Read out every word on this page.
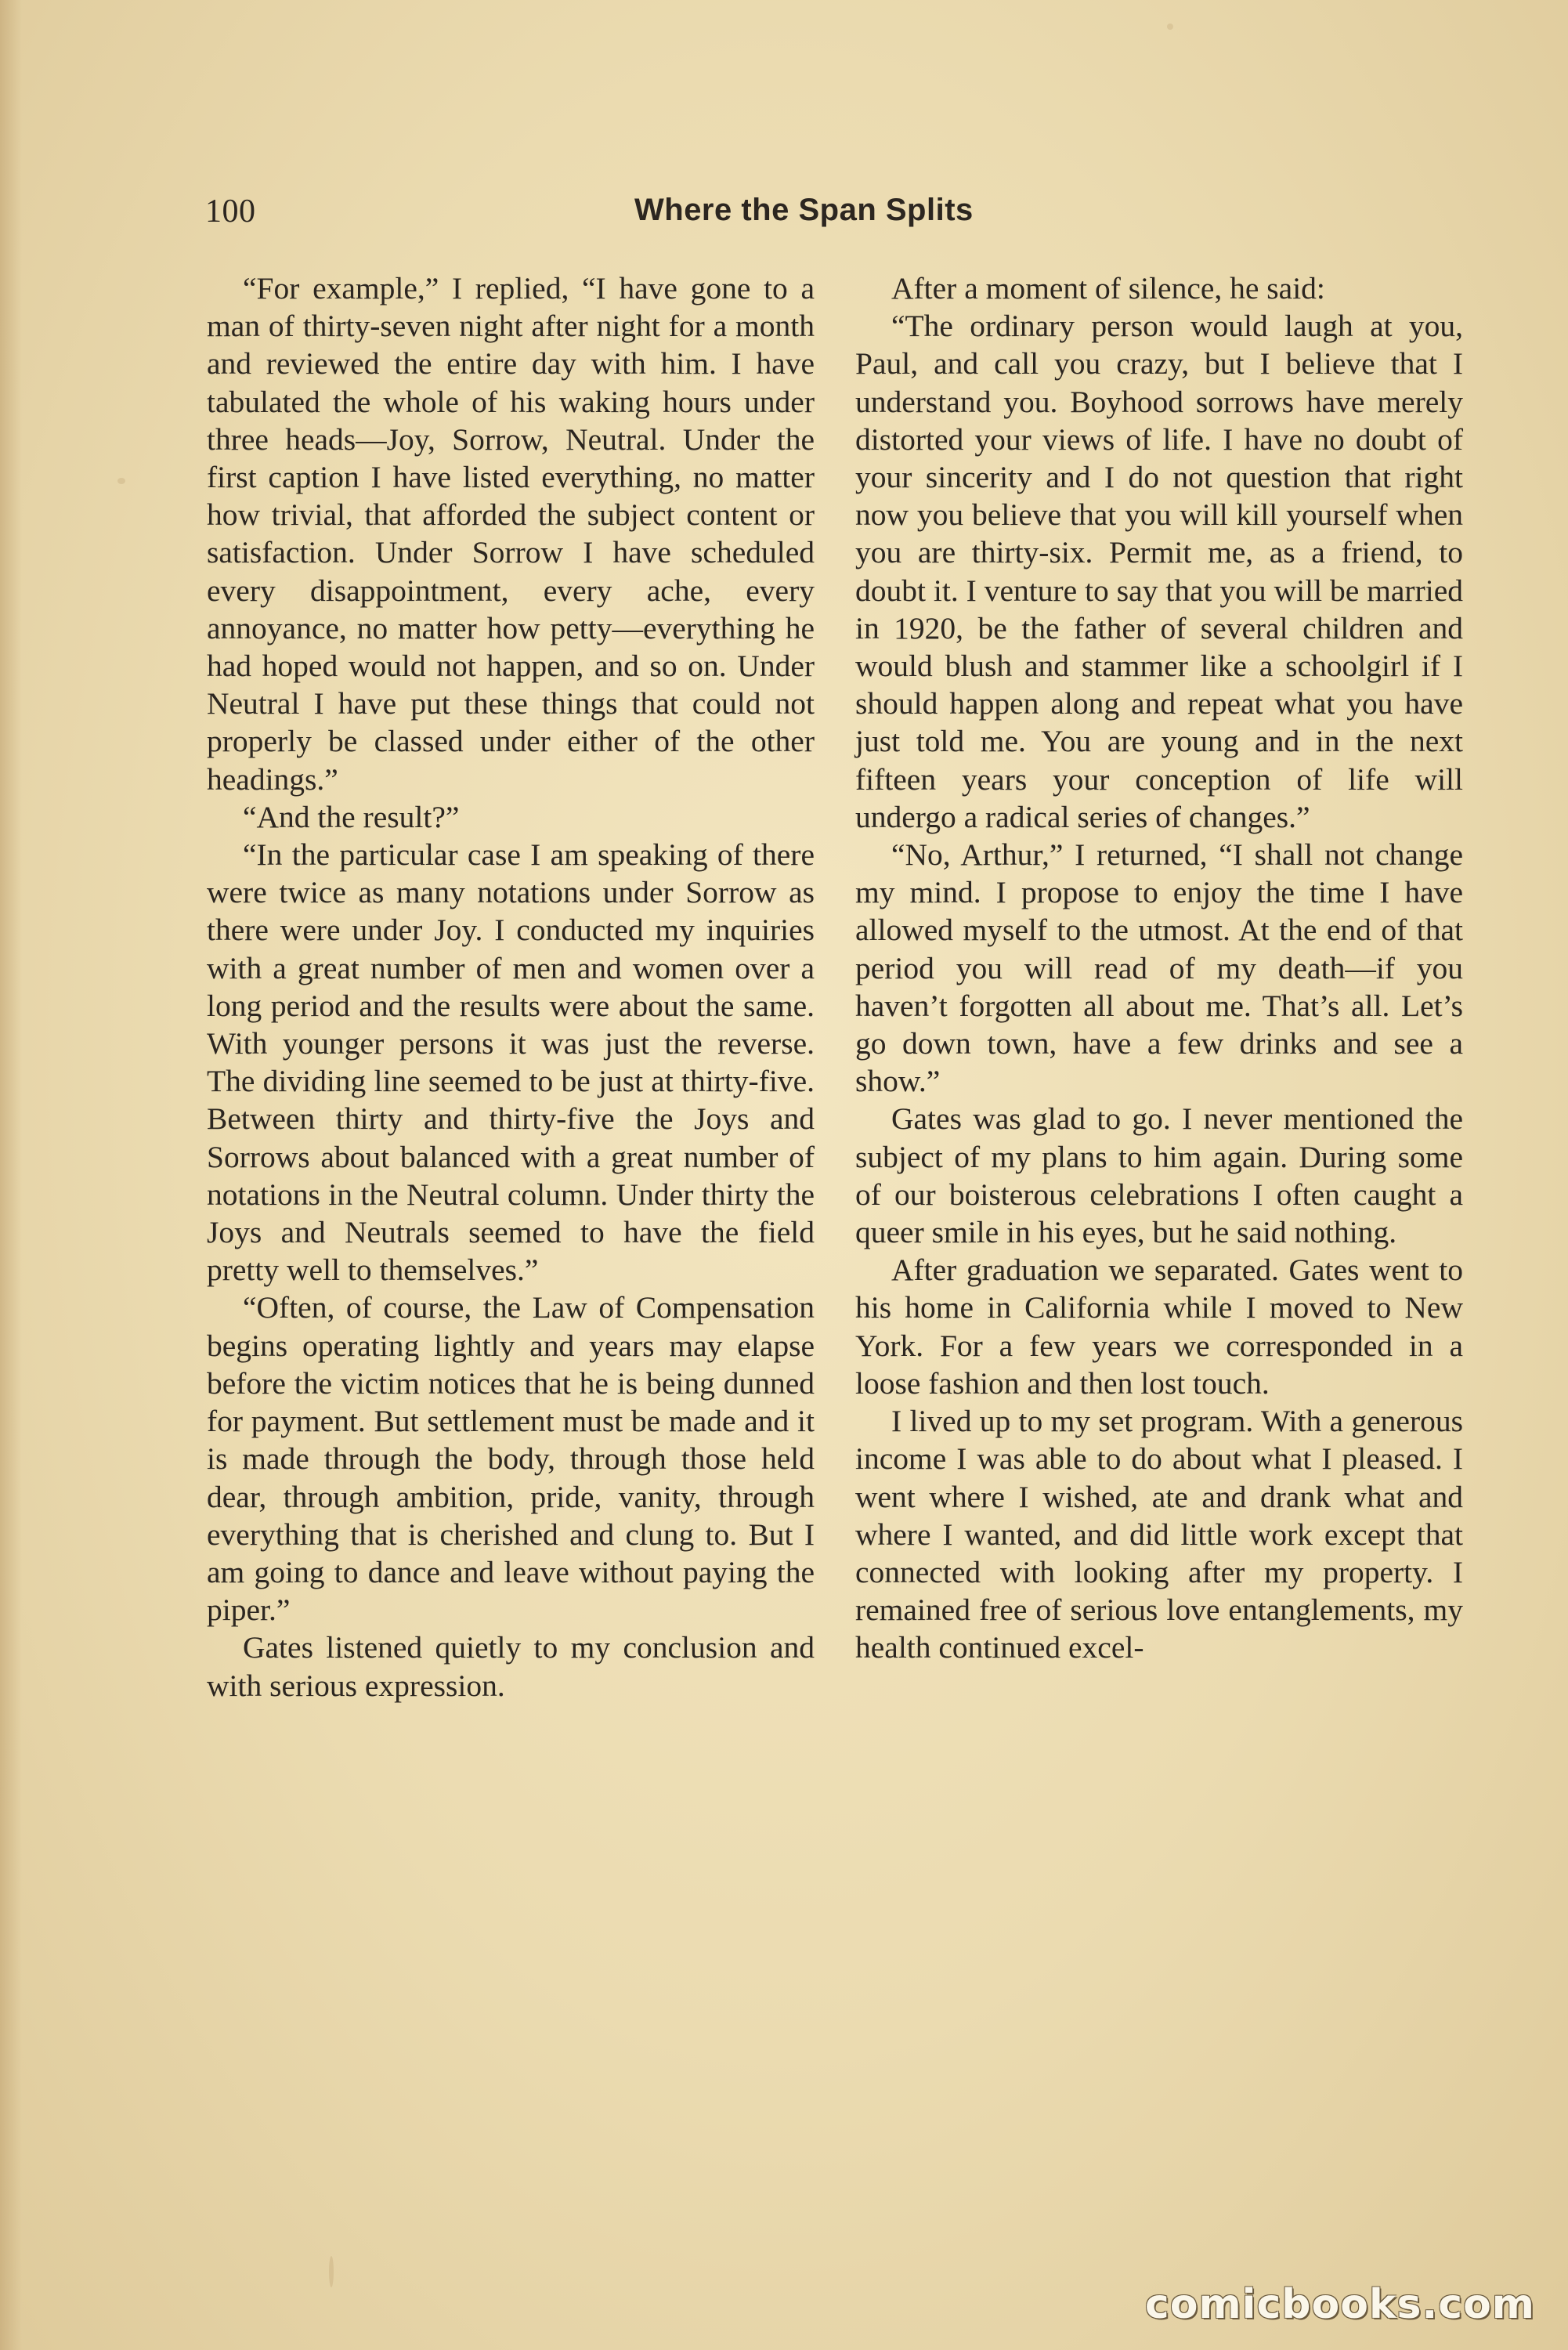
100	Where the Span Splits

“For example,” I replied, “I have gone to a man of thirty-seven night after night for a month and reviewed the entire day with him. I have tabulated the whole of his waking hours under three heads—Joy, Sorrow, Neutral. Under the first caption I have listed everything, no matter how trivial, that afforded the subject content or satisfaction. Under Sorrow I have scheduled every disappointment, every ache, every annoyance, no matter how petty—everything he had hoped would not happen, and so on. Under Neutral I have put these things that could not properly be classed under either of the other headings.”

“And the result?”

“In the particular case I am speaking of there were twice as many notations under Sorrow as there were under Joy. I conducted my inquiries with a great number of men and women over a long period and the results were about the same. With younger persons it was just the reverse. The dividing line seemed to be just at thirty-five. Between thirty and thirty-five the Joys and Sorrows about balanced with a great number of notations in the Neutral column. Under thirty the Joys and Neutrals seemed to have the field pretty well to themselves.”

“Often, of course, the Law of Compensation begins operating lightly and years may elapse before the victim notices that he is being dunned for payment. But settlement must be made and it is made through the body, through those held dear, through ambition, pride, vanity, through everything that is cherished and clung to. But I am going to dance and leave without paying the piper.”

Gates listened quietly to my conclusion and with serious expression.

After a moment of silence, he said:

“The ordinary person would laugh at you, Paul, and call you crazy, but I believe that I understand you. Boyhood sorrows have merely distorted your views of life. I have no doubt of your sincerity and I do not question that right now you believe that you will kill yourself when you are thirty-six. Permit me, as a friend, to doubt it. I venture to say that you will be married in 1920, be the father of several children and would blush and stammer like a schoolgirl if I should happen along and repeat what you have just told me. You are young and in the next fifteen years your conception of life will undergo a radical series of changes.”

“No, Arthur,” I returned, “I shall not change my mind. I propose to enjoy the time I have allowed myself to the utmost. At the end of that period you will read of my death—if you haven’t forgotten all about me. That’s all. Let’s go down town, have a few drinks and see a show.”

Gates was glad to go. I never mentioned the subject of my plans to him again. During some of our boisterous celebrations I often caught a queer smile in his eyes, but he said nothing.

After graduation we separated. Gates went to his home in California while I moved to New York. For a few years we corresponded in a loose fashion and then lost touch.

I lived up to my set program. With a generous income I was able to do about what I pleased. I went where I wished, ate and drank what and where I wanted, and did little work except that connected with looking after my property. I remained free of serious love entanglements, my health continued excel-

comicbooks.com
